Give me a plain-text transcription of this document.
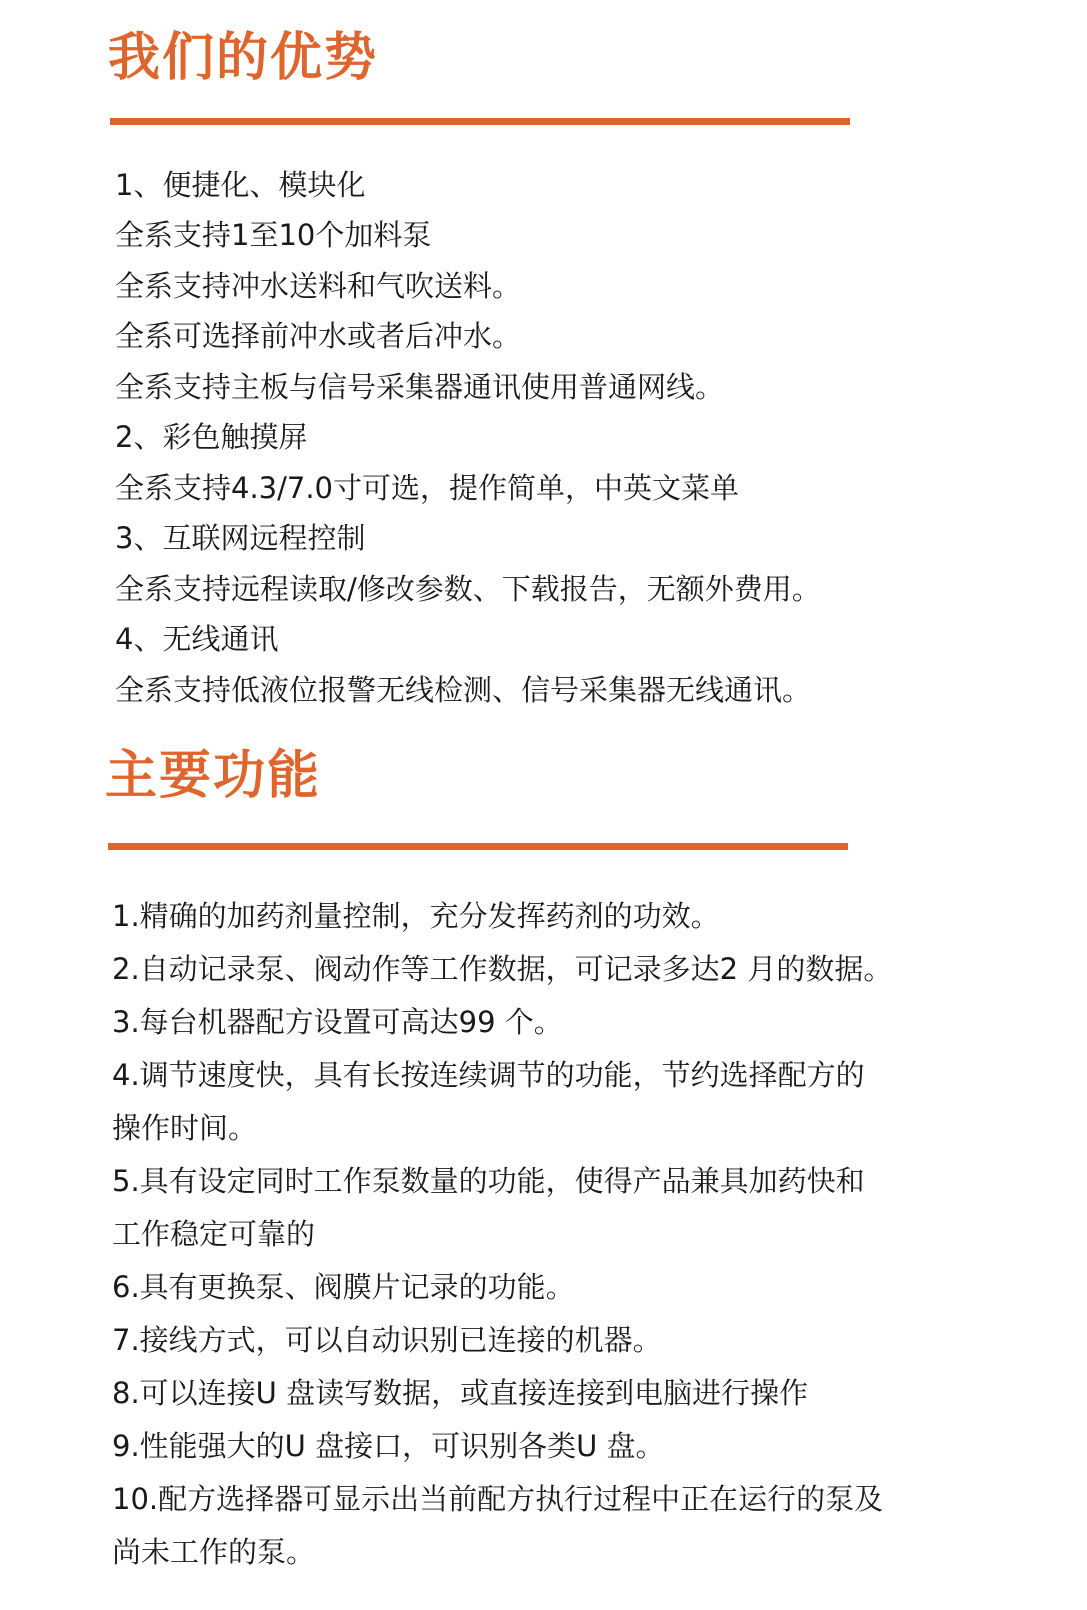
我们的优势
1、便捷化、模块化
全系支持1至10个加料泵
全系支持冲水送料和气吹送料。
全系可选择前冲水或者后冲水。
全系支持主板与信号采集器通讯使用普通网线。
2、彩色触摸屏
全系支持4.3/7.0寸可选，提作简单，中英文菜单
3、互联网远程控制
全系支持远程读取/修改参数、下载报告，无额外费用。
4、无线通讯
全系支持低液位报警无线检测、信号采集器无线通讯。
主要功能
1.精确的加药剂量控制，充分发挥药剂的功效。
2.自动记录泵、阀动作等工作数据，可记录多达2 月的数据。
3.每台机器配方设置可高达99 个。
4.调节速度快，具有长按连续调节的功能，节约选择配方的
操作时间。
5.具有设定同时工作泵数量的功能，使得产品兼具加药快和
工作稳定可靠的
6.具有更换泵、阀膜片记录的功能。
7.接线方式，可以自动识别已连接的机器。
8.可以连接U 盘读写数据，或直接连接到电脑进行操作
9.性能强大的U 盘接口，可识别各类U 盘。
10.配方选择器可显示出当前配方执行过程中正在运行的泵及
尚未工作的泵。
